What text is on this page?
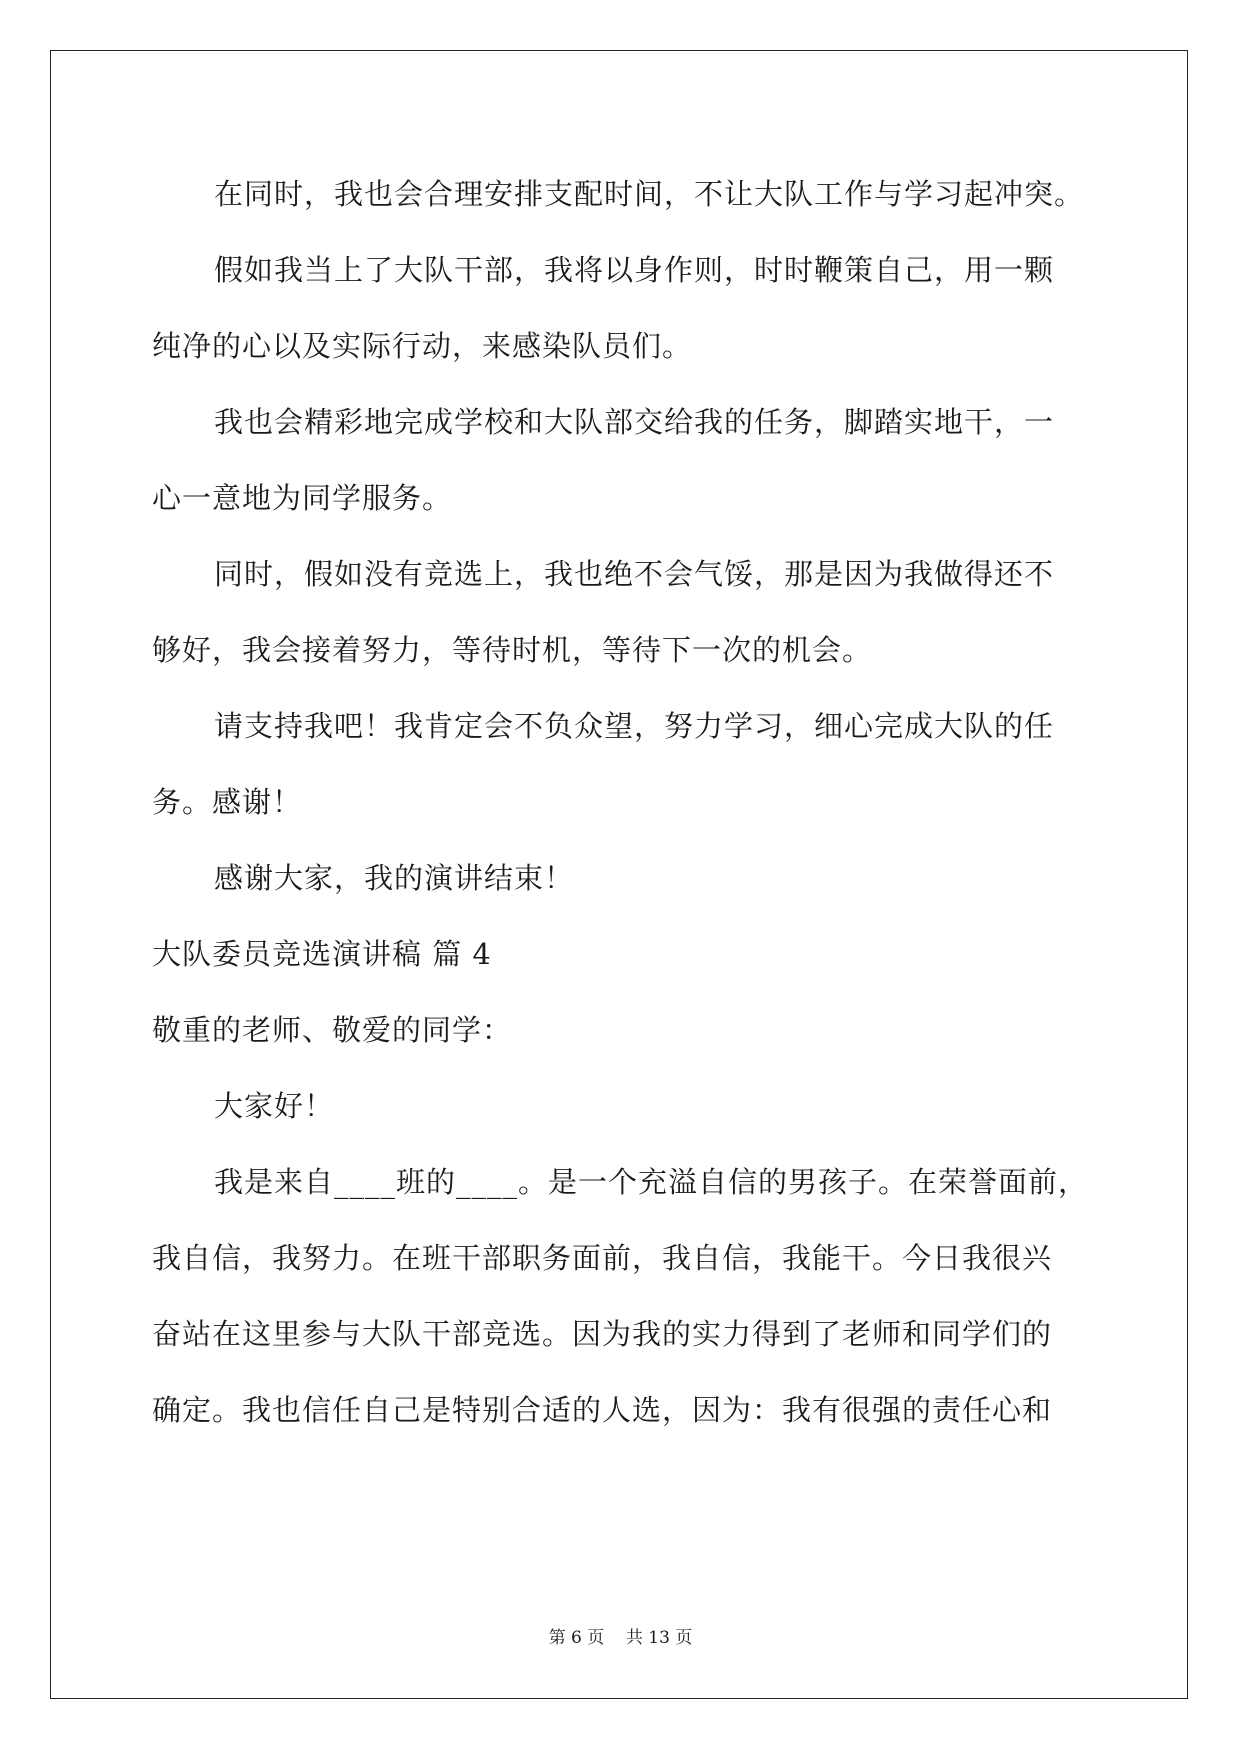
在同时，我也会合理安排支配时间，不让大队工作与学习起冲突。
假如我当上了大队干部，我将以身作则，时时鞭策自己，用一颗
纯净的心以及实际行动，来感染队员们。
我也会精彩地完成学校和大队部交给我的任务，脚踏实地干，一
心一意地为同学服务。
同时，假如没有竞选上，我也绝不会气馁，那是因为我做得还不
够好，我会接着努力，等待时机，等待下一次的机会。
请支持我吧！我肯定会不负众望，努力学习，细心完成大队的任
务。感谢！
感谢大家，我的演讲结束！
大队委员竞选演讲稿 篇 4
敬重的老师、敬爱的同学：
大家好！
我是来自____班的____。是一个充溢自信的男孩子。在荣誉面前，
我自信，我努力。在班干部职务面前，我自信，我能干。今日我很兴
奋站在这里参与大队干部竞选。因为我的实力得到了老师和同学们的
确定。我也信任自己是特别合适的人选，因为：我有很强的责任心和
第 6 页    共 13 页
